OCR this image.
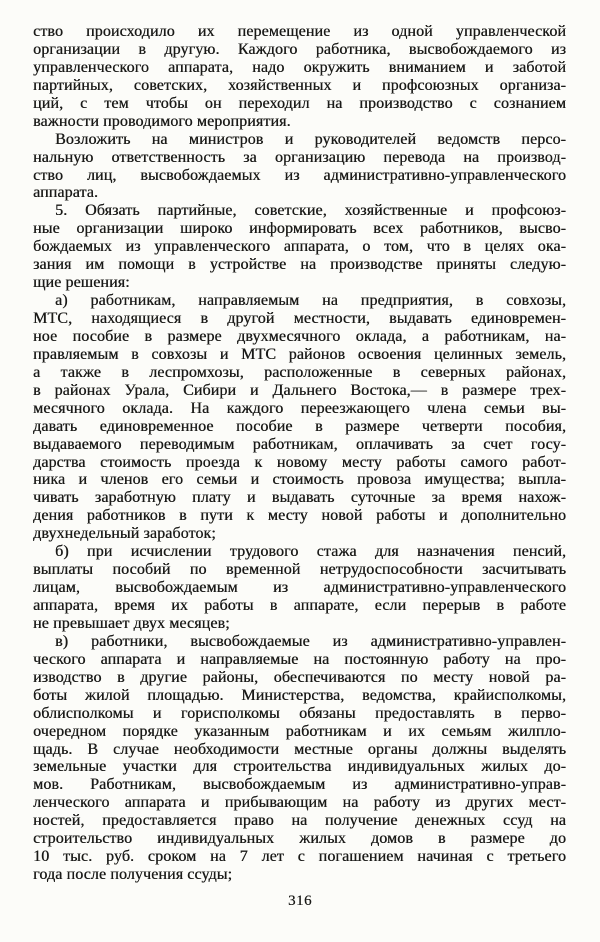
ство происходило их перемещение из одной управленческой
организации в другую. Каждого работника, высвобождаемого из
управленческого аппарата, надо окружить вниманием и заботой
партийных, советских, хозяйственных и профсоюзных организа-
ций, с тем чтобы он переходил на производство с сознанием
важности проводимого мероприятия.
Возложить на министров и руководителей ведомств персо-
нальную ответственность за организацию перевода на производ-
ство лиц, высвобождаемых из административно-управленческого
аппарата.
5. Обязать партийные, советские, хозяйственные и профсоюз-
ные организации широко информировать всех работников, высво-
бождаемых из управленческого аппарата, о том, что в целях ока-
зания им помощи в устройстве на производстве приняты следую-
щие решения:
а) работникам, направляемым на предприятия, в совхозы,
МТС, находящиеся в другой местности, выдавать единовремен-
ное пособие в размере двухмесячного оклада, а работникам, на-
правляемым в совхозы и МТС районов освоения целинных земель,
а также в леспромхозы, расположенные в северных районах,
в районах Урала, Сибири и Дальнего Востока,— в размере трех-
месячного оклада. На каждого переезжающего члена семьи вы-
давать единовременное пособие в размере четверти пособия,
выдаваемого переводимым работникам, оплачивать за счет госу-
дарства стоимость проезда к новому месту работы самого работ-
ника и членов его семьи и стоимость провоза имущества; выпла-
чивать заработную плату и выдавать суточные за время нахож-
дения работников в пути к месту новой работы и дополнительно
двухнедельный заработок;
б) при исчислении трудового стажа для назначения пенсий,
выплаты пособий по временной нетрудоспособности засчитывать
лицам, высвобождаемым из административно-управленческого
аппарата, время их работы в аппарате, если перерыв в работе
не превышает двух месяцев;
в) работники, высвобождаемые из административно-управлен-
ческого аппарата и направляемые на постоянную работу на про-
изводство в другие районы, обеспечиваются по месту новой ра-
боты жилой площадью. Министерства, ведомства, крайисполкомы,
облисполкомы и горисполкомы обязаны предоставлять в перво-
очередном порядке указанным работникам и их семьям жилпло-
щадь. В случае необходимости местные органы должны выделять
земельные участки для строительства индивидуальных жилых до-
мов. Работникам, высвобождаемым из административно-управ-
ленческого аппарата и прибывающим на работу из других мест-
ностей, предоставляется право на получение денежных ссуд на
строительство индивидуальных жилых домов в размере до
10 тыс. руб. сроком на 7 лет с погашением начиная с третьего
года после получения ссуды;
316
